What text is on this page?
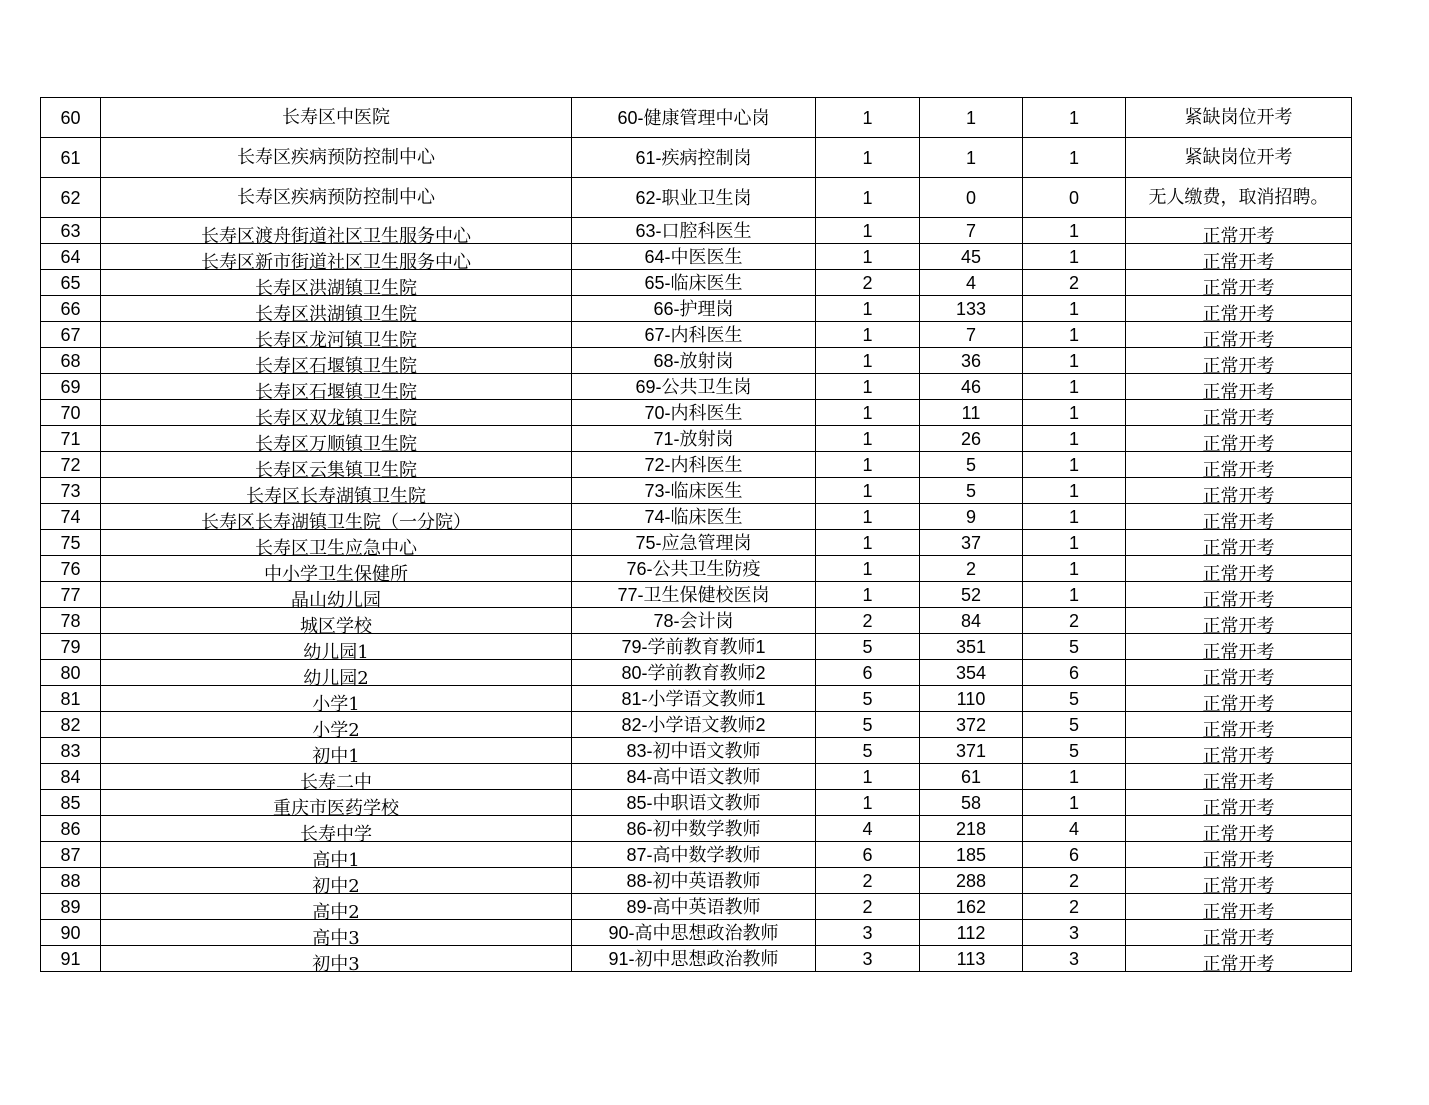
60	长寿区中医院	60-健康管理中心岗	1	1	1	紧缺岗位开考
61	长寿区疾病预防控制中心	61-疾病控制岗	1	1	1	紧缺岗位开考
62	长寿区疾病预防控制中心	62-职业卫生岗	1	0	0	无人缴费，取消招聘。
63	长寿区渡舟街道社区卫生服务中心	63-口腔科医生	1	7	1	正常开考
64	长寿区新市街道社区卫生服务中心	64-中医医生	1	45	1	正常开考
65	长寿区洪湖镇卫生院	65-临床医生	2	4	2	正常开考
66	长寿区洪湖镇卫生院	66-护理岗	1	133	1	正常开考
67	长寿区龙河镇卫生院	67-内科医生	1	7	1	正常开考
68	长寿区石堰镇卫生院	68-放射岗	1	36	1	正常开考
69	长寿区石堰镇卫生院	69-公共卫生岗	1	46	1	正常开考
70	长寿区双龙镇卫生院	70-内科医生	1	11	1	正常开考
71	长寿区万顺镇卫生院	71-放射岗	1	26	1	正常开考
72	长寿区云集镇卫生院	72-内科医生	1	5	1	正常开考
73	长寿区长寿湖镇卫生院	73-临床医生	1	5	1	正常开考
74	长寿区长寿湖镇卫生院（一分院）	74-临床医生	1	9	1	正常开考
75	长寿区卫生应急中心	75-应急管理岗	1	37	1	正常开考
76	中小学卫生保健所	76-公共卫生防疫	1	2	1	正常开考
77	晶山幼儿园	77-卫生保健校医岗	1	52	1	正常开考
78	城区学校	78-会计岗	2	84	2	正常开考
79	幼儿园1	79-学前教育教师1	5	351	5	正常开考
80	幼儿园2	80-学前教育教师2	6	354	6	正常开考
81	小学1	81-小学语文教师1	5	110	5	正常开考
82	小学2	82-小学语文教师2	5	372	5	正常开考
83	初中1	83-初中语文教师	5	371	5	正常开考
84	长寿二中	84-高中语文教师	1	61	1	正常开考
85	重庆市医药学校	85-中职语文教师	1	58	1	正常开考
86	长寿中学	86-初中数学教师	4	218	4	正常开考
87	高中1	87-高中数学教师	6	185	6	正常开考
88	初中2	88-初中英语教师	2	288	2	正常开考
89	高中2	89-高中英语教师	2	162	2	正常开考
90	高中3	90-高中思想政治教师	3	112	3	正常开考
91	初中3	91-初中思想政治教师	3	113	3	正常开考
